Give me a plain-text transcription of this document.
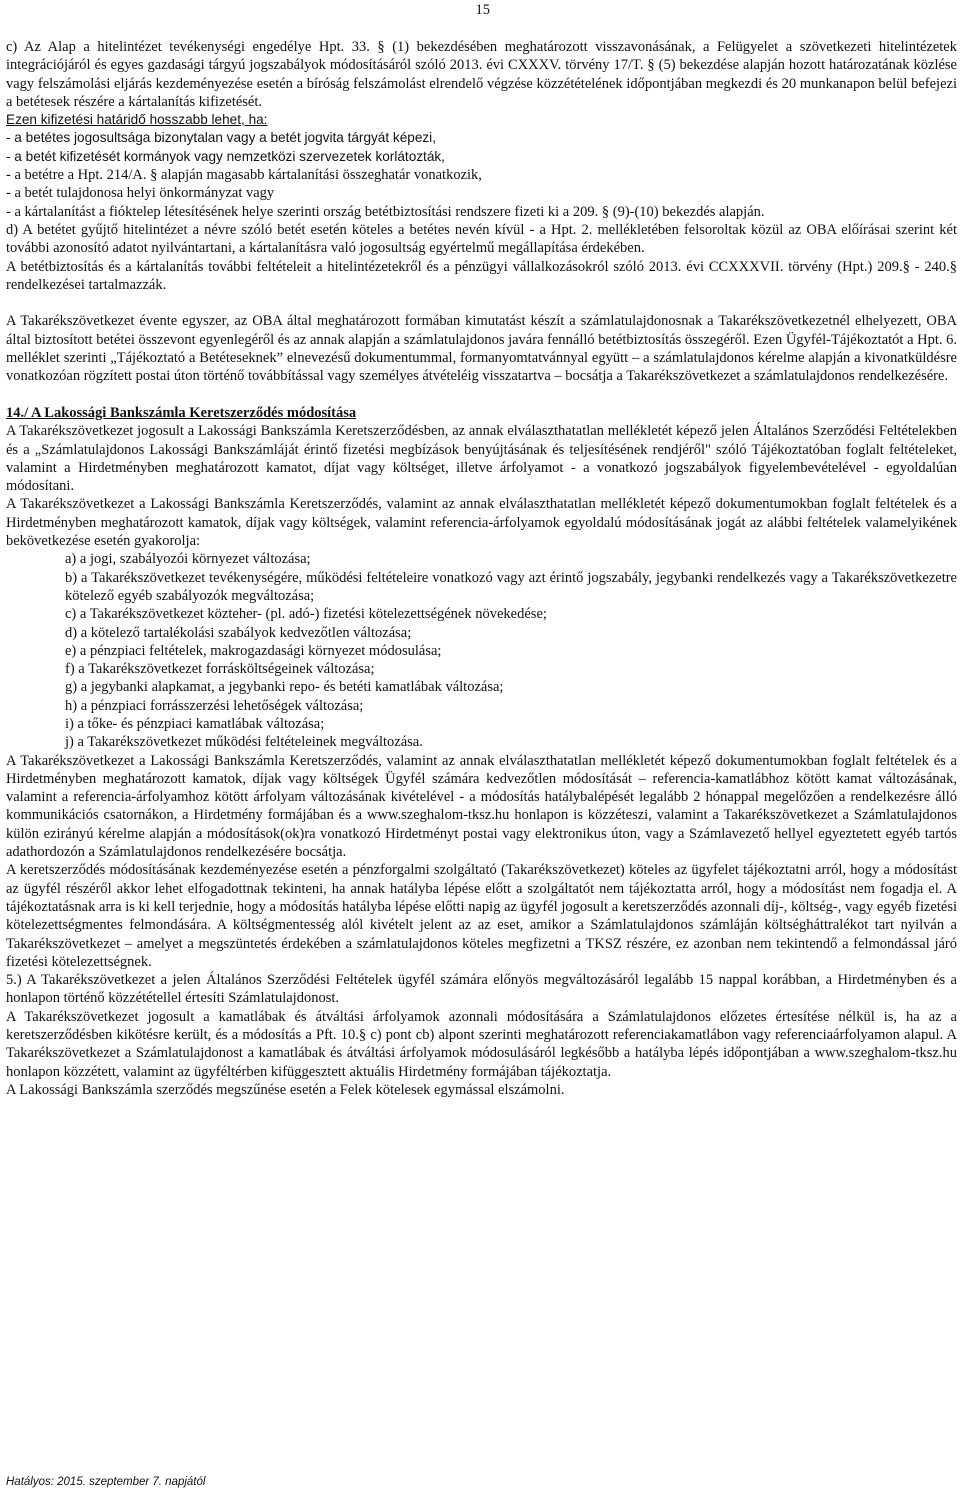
15

c) Az Alap a hitelintézet tevékenységi engedélye Hpt. 33. § (1) bekezdésében meghatározott visszavonásának, a Felügyelet a szövetkezeti hitelintézetek integrációjáról és egyes gazdasági tárgyú jogszabályok módosításáról szóló 2013. évi CXXXV. törvény 17/T. § (5) bekezdése alapján hozott határozatának közlése vagy felszámolási eljárás kezdeményezése esetén a bíróság felszámolást elrendelő végzése közzétételének időpontjában megkezdi és 20 munkanapon belül befejezi a betétesek részére a kártalanítás kifizetését.

Ezen kifizetési határidő hosszabb lehet, ha:

- a betétes jogosultsága bizonytalan vagy a betét jogvita tárgyát képezi,

- a betét kifizetését kormányok vagy nemzetközi szervezetek korlátozták,

- a betétre a Hpt. 214/A. § alapján magasabb kártalanítási összeghatár vonatkozik,

- a betét tulajdonosa helyi önkormányzat vagy

- a kártalanítást a fióktelep létesítésének helye szerinti ország betétbiztosítási rendszere fizeti ki a 209. § (9)-(10) bekezdés alapján.

d) A betétet gyűjtő hitelintézet a névre szóló betét esetén köteles a betétes nevén kívül - a Hpt. 2. mellékletében felsoroltak közül az OBA előírásai szerint két további azonosító adatot nyilvántartani, a kártalanításra való jogosultság egyértelmű megállapítása érdekében.

A betétbiztosítás és a kártalanítás további feltételeit a hitelintézetekről és a pénzügyi vállalkozásokról szóló 2013. évi CCXXXVII. törvény (Hpt.) 209.§ - 240.§ rendelkezései tartalmazzák.

A Takarékszövetkezet évente egyszer, az OBA által meghatározott formában kimutatást készít a számlatulajdonosnak a Takarékszövetkezetnél elhelyezett, OBA által biztosított betétei összevont egyenlegéről és az annak alapján a számlatulajdonos javára fennálló betétbiztosítás összegéről. Ezen Ügyfél-Tájékoztatót a Hpt. 6. melléklet szerinti „Tájékoztató a Betéteseknek” elnevezésű dokumentummal, formanyomtatvánnyal együtt – a számlatulajdonos kérelme alapján a kivonatküldésre vonatkozóan rögzített postai úton történő továbbítással vagy személyes átvételéig visszatartva – bocsátja a Takarékszövetkezet a számlatulajdonos rendelkezésére.

14./ A Lakossági Bankszámla Keretszerződés módosítása

A Takarékszövetkezet jogosult a Lakossági Bankszámla Keretszerződésben, az annak elválaszthatatlan mellékletét képező jelen Általános Szerződési Feltételekben és a „Számlatulajdonos Lakossági Bankszámláját érintő fizetési megbízások benyújtásának és teljesítésének rendjéről" szóló Tájékoztatóban foglalt feltételeket, valamint a Hirdetményben meghatározott kamatot, díjat vagy költséget, illetve árfolyamot - a vonatkozó jogszabályok figyelembevételével - egyoldalúan módosítani.

A Takarékszövetkezet a Lakossági Bankszámla Keretszerződés, valamint az annak elválaszthatatlan mellékletét képező dokumentumokban foglalt feltételek és a Hirdetményben meghatározott kamatok, díjak vagy költségek, valamint referencia-árfolyamok egyoldalú módosításának jogát az alábbi feltételek valamelyikének bekövetkezése esetén gyakorolja:

a) a jogi, szabályozói környezet változása;

b) a Takarékszövetkezet tevékenységére, működési feltételeire vonatkozó vagy azt érintő jogszabály, jegybanki rendelkezés vagy a Takarékszövetkezetre kötelező egyéb szabályozók megváltozása;

c) a Takarékszövetkezet közteher- (pl. adó-) fizetési kötelezettségének növekedése;

d) a kötelező tartalékolási szabályok kedvezőtlen változása;

e) a pénzpiaci feltételek, makrogazdasági környezet módosulása;

f) a Takarékszövetkezet forrásköltségeinek változása;

g) a jegybanki alapkamat, a jegybanki repo- és betéti kamatlábak változása;

h) a pénzpiaci forrásszerzési lehetőségek változása;

i) a tőke- és pénzpiaci kamatlábak változása;

j) a Takarékszövetkezet működési feltételeinek megváltozása.

A Takarékszövetkezet a Lakossági Bankszámla Keretszerződés, valamint az annak elválaszthatatlan mellékletét képező dokumentumokban foglalt feltételek és a Hirdetményben meghatározott kamatok, díjak vagy költségek Ügyfél számára kedvezőtlen módosítását – referencia-kamatlábhoz kötött kamat változásának, valamint a referencia-árfolyamhoz kötött árfolyam változásának kivételével - a módosítás hatálybalépését legalább 2 hónappal megelőzően a rendelkezésre álló kommunikációs csatornákon, a Hirdetmény formájában és a www.szeghalom-tksz.hu honlapon is közzéteszi, valamint a Takarékszövetkezet a Számlatulajdonos külön ezirányú kérelme alapján a módosítások(ok)ra vonatkozó Hirdetményt postai vagy elektronikus úton, vagy a Számlavezető hellyel egyeztetett egyéb tartós adathordozón a Számlatulajdonos rendelkezésére bocsátja.

A keretszerződés módosításának kezdeményezése esetén a pénzforgalmi szolgáltató (Takarékszövetkezet) köteles az ügyfelet tájékoztatni arról, hogy a módosítást az ügyfél részéről akkor lehet elfogadottnak tekinteni, ha annak hatályba lépése előtt a szolgáltatót nem tájékoztatta arról, hogy a módosítást nem fogadja el. A tájékoztatásnak arra is ki kell terjednie, hogy a módosítás hatályba lépése előtti napig az ügyfél jogosult a keretszerződés azonnali díj-, költség-, vagy egyéb fizetési kötelezettségmentes felmondására. A költségmentesség alól kivételt jelent az az eset, amikor a Számlatulajdonos számláján költségháttralékot tart nyilván a Takarékszövetkezet – amelyet a megszüntetés érdekében a számlatulajdonos köteles megfizetni a TKSZ részére, ez azonban nem tekintendő a felmondással járó fizetési kötelezettségnek.

5.) A Takarékszövetkezet a jelen Általános Szerződési Feltételek ügyfél számára előnyös megváltozásáról legalább 15 nappal korábban, a Hirdetményben és a honlapon történő közzététellel értesíti Számlatulajdonost.

A Takarékszövetkezet jogosult a kamatlábak és átváltási árfolyamok azonnali módosítására a Számlatulajdonos előzetes értesítése nélkül is, ha az a keretszerződésben kikötésre került, és a módosítás a Pft. 10.§ c) pont cb) alpont szerinti meghatározott referenciakamatlábon vagy referenciaárfolyamon alapul. A Takarékszövetkezet a Számlatulajdonost a kamatlábak és átváltási árfolyamok módosulásáról legkésőbb a hatályba lépés időpontjában a www.szeghalom-tksz.hu honlapon közzétett, valamint az ügyféltérben kifüggesztett aktuális Hirdetmény formájában tájékoztatja.

A Lakossági Bankszámla szerződés megszűnése esetén a Felek kötelesek egymással elszámolni.

Hatályos: 2015. szeptember 7. napjától
